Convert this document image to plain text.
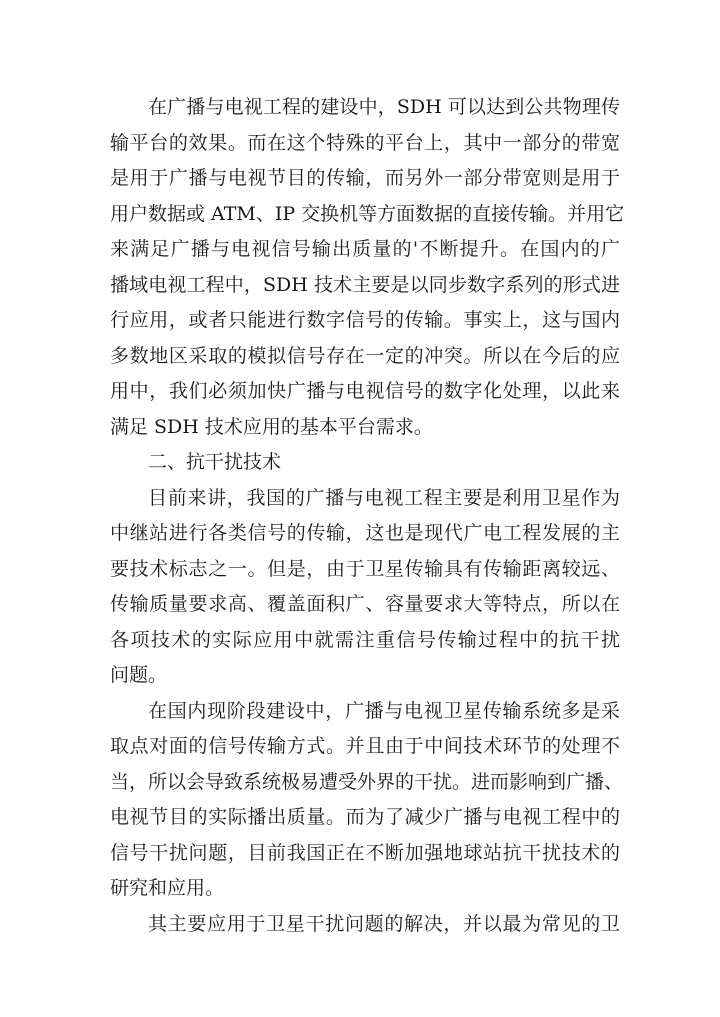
在广播与电视工程的建设中，SDH 可以达到公共物理传
输平台的效果。而在这个特殊的平台上，其中一部分的带宽
是用于广播与电视节目的传输，而另外一部分带宽则是用于
用户数据或 ATM、IP 交换机等方面数据的直接传输。并用它
来满足广播与电视信号输出质量的'不断提升。在国内的广
播域电视工程中，SDH 技术主要是以同步数字系列的形式进
行应用，或者只能进行数字信号的传输。事实上，这与国内
多数地区采取的模拟信号存在一定的冲突。所以在今后的应
用中，我们必须加快广播与电视信号的数字化处理，以此来
满足 SDH 技术应用的基本平台需求。
二、抗干扰技术
目前来讲，我国的广播与电视工程主要是利用卫星作为
中继站进行各类信号的传输，这也是现代广电工程发展的主
要技术标志之一。但是，由于卫星传输具有传输距离较远、
传输质量要求高、覆盖面积广、容量要求大等特点，所以在
各项技术的实际应用中就需注重信号传输过程中的抗干扰
问题。
在国内现阶段建设中，广播与电视卫星传输系统多是采
取点对面的信号传输方式。并且由于中间技术环节的处理不
当，所以会导致系统极易遭受外界的干扰。进而影响到广播、
电视节目的实际播出质量。而为了减少广播与电视工程中的
信号干扰问题，目前我国正在不断加强地球站抗干扰技术的
研究和应用。
其主要应用于卫星干扰问题的解决，并以最为常见的卫
